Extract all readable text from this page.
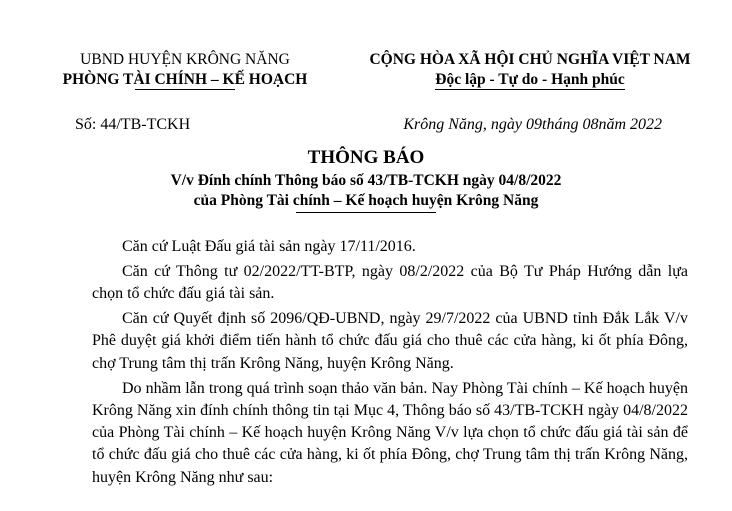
UBND HUYỆN KRÔNG NĂNG
PHÒNG TÀI CHÍNH – KẾ HOẠCH
CỘNG HÒA XÃ HỘI CHỦ NGHĨA VIỆT NAM
Độc lập - Tự do - Hạnh phúc
Số: 44/TB-TCKH	Krông Năng, ngày 09tháng 08năm 2022
THÔNG BÁO
V/v Đính chính Thông báo số 43/TB-TCKH ngày 04/8/2022
của Phòng Tài chính – Kế hoạch huyện Krông Năng

Căn cứ Luật Đấu giá tài sản ngày 17/11/2016.

Căn cứ Thông tư 02/2022/TT-BTP, ngày 08/2/2022 của Bộ Tư Pháp Hướng dẫn lựa chọn tổ chức đấu giá tài sản.

Căn cứ Quyết định số 2096/QĐ-UBND, ngày 29/7/2022 của UBND tỉnh Đắk Lắk V/v Phê duyệt giá khởi điểm tiến hành tổ chức đấu giá cho thuê các cửa hàng, ki ốt phía Đông, chợ Trung tâm thị trấn Krông Năng, huyện Krông Năng.

Do nhầm lẫn trong quá trình soạn thảo văn bản. Nay Phòng Tài chính – Kế hoạch huyện Krông Năng xin đính chính thông tin tại Mục 4, Thông báo số 43/TB-TCKH ngày 04/8/2022 của Phòng Tài chính – Kế hoạch huyện Krông Năng V/v lựa chọn tổ chức đấu giá tài sản để tổ chức đấu giá cho thuê các cửa hàng, ki ốt phía Đông, chợ Trung tâm thị trấn Krông Năng, huyện Krông Năng như sau:
